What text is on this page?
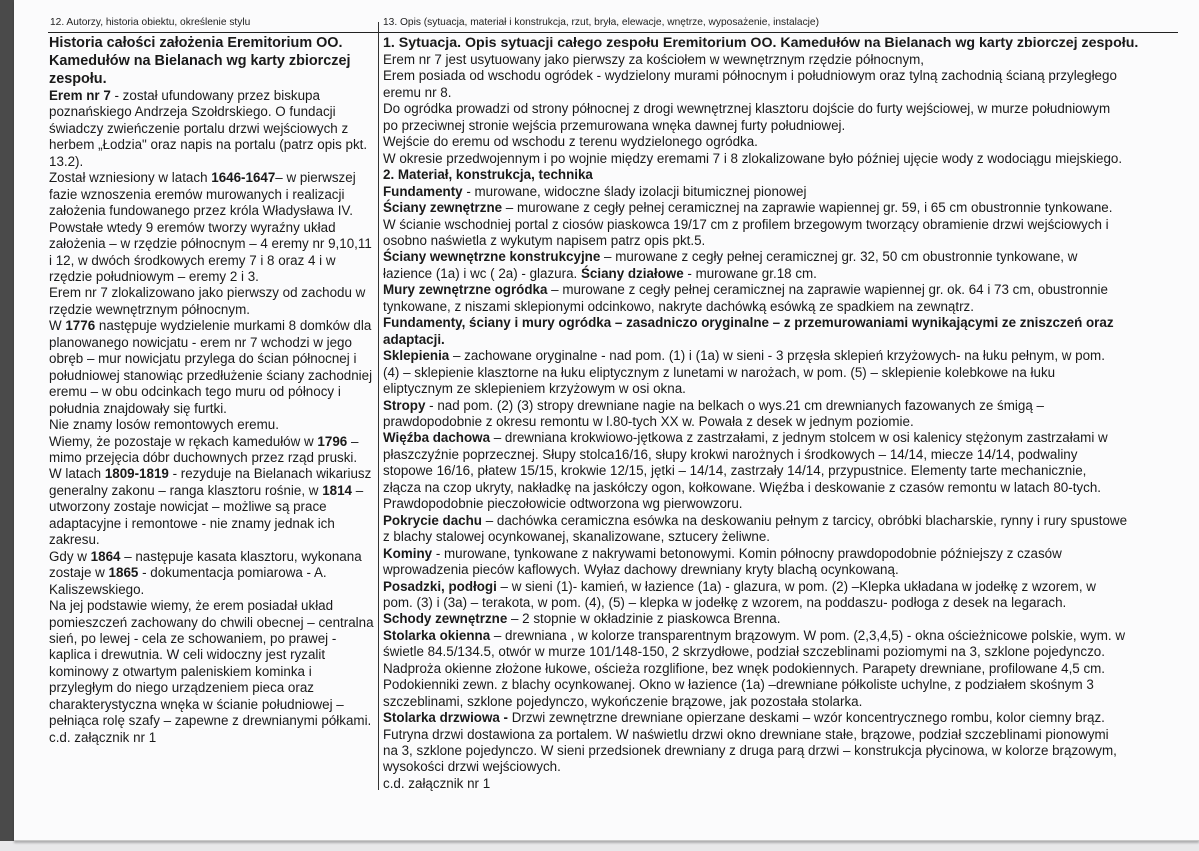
12. Autorzy, historia obiektu, określenie stylu	13. Opis (sytuacja, materiał i konstrukcja, rzut, bryła, elewacje, wnętrze, wyposażenie, instalacje)
Historia całości założenia Eremitorium OO.
Kamedułów na Bielanach wg karty zbiorczej
zespołu.
Erem nr 7 - został ufundowany przez biskupa poznańskiego Andrzeja Szołdrskiego. O fundacji świadczy zwieńczenie portalu drzwi wejściowych z herbem „Łodzia" oraz napis na portalu (patrz opis pkt. 13.2).
Został wzniesiony w latach 1646-1647– w pierwszej fazie wznoszenia eremów murowanych i realizacji założenia fundowanego przez króla Władysława IV.
Powstałe wtedy 9 eremów tworzy wyraźny układ założenia – w rzędzie północnym – 4 eremy nr 9,10,11 i 12, w dwóch środkowych eremy 7 i 8 oraz 4 i w rzędzie południowym – eremy 2 i 3.
Erem nr 7 zlokalizowano jako pierwszy od zachodu w rzędzie wewnętrznym północnym.
W 1776 następuje wydzielenie murkami 8 domków dla planowanego nowicjatu - erem nr 7 wchodzi w jego obręb – mur nowicjatu przylega do ścian północnej i południowej stanowiąc przedłużenie ściany zachodniej eremu – w obu odcinkach tego muru od północy i południa znajdowały się furtki.
Nie znamy losów remontowych eremu.
Wiemy, że pozostaje w rękach kamedułów w 1796 –mimo przejęcia dóbr duchownych przez rząd pruski.
W latach 1809-1819 - rezyduje na Bielanach wikariusz generalny zakonu – ranga klasztoru rośnie, w 1814 – utworzony zostaje nowicjat – możliwe są prace adaptacyjne i remontowe - nie znamy jednak ich zakresu.
Gdy w 1864 – następuje kasata klasztoru, wykonana zostaje w 1865 - dokumentacja pomiarowa - A. Kaliszewskiego.
Na jej podstawie wiemy, że erem posiadał układ pomieszczeń zachowany do chwili obecnej – centralna sień, po lewej - cela ze schowaniem, po prawej - kaplica i drewutnia. W celi widoczny jest ryzalit kominowy z otwartym paleniskiem kominka i przyległym do niego urządzeniem pieca oraz charakterystyczna wnęka w ścianie południowej – pełniąca rolę szafy – zapewne z drewnianymi półkami.
c.d. załącznik nr 1
1. Sytuacja. Opis sytuacji całego zespołu Eremitorium OO. Kamedułów na Bielanach wg karty zbiorczej zespołu.
Erem nr 7 jest usytuowany jako pierwszy za kościołem w wewnętrznym rzędzie północnym,
Erem posiada od wschodu ogródek - wydzielony murami północnym i południowym oraz tylną zachodnią ścianą przyległego
eremu nr 8.
Do ogródka prowadzi od strony północnej z drogi wewnętrznej klasztoru dojście do furty wejściowej, w murze południowym
po przeciwnej stronie wejścia przemurowana wnęka dawnej furty południowej.
Wejście do eremu od wschodu z terenu wydzielonego ogródka.
W okresie przedwojennym i po wojnie między eremami 7 i 8 zlokalizowane było później ujęcie wody z wodociągu miejskiego.
2. Materiał, konstrukcja, technika
Fundamenty - murowane, widoczne ślady izolacji bitumicznej pionowej
Ściany zewnętrzne – murowane z cegły pełnej ceramicznej na zaprawie wapiennej gr. 59, i 65 cm obustronnie tynkowane.
W ścianie wschodniej portal z ciosów piaskowca 19/17 cm z profilem brzegowym tworzący obramienie drzwi wejściowych i
osobno naświetla z wykutym napisem patrz opis pkt.5.
Ściany wewnętrzne konstrukcyjne – murowane z cegły pełnej ceramicznej gr. 32, 50 cm obustronnie tynkowane, w
łazience (1a) i wc ( 2a) - glazura. Ściany działowe - murowane gr.18 cm.
Mury zewnętrzne ogródka – murowane z cegły pełnej ceramicznej na zaprawie wapiennej gr. ok. 64 i 73 cm, obustronnie
tynkowane, z niszami sklepionymi odcinkowo, nakryte dachówką esówką ze spadkiem na zewnątrz.
Fundamenty, ściany i mury ogródka – zasadniczo oryginalne – z przemurowaniami wynikającymi ze zniszczeń oraz
adaptacji.
Sklepienia – zachowane oryginalne - nad pom. (1) i (1a) w sieni - 3 przęsła sklepień krzyżowych- na łuku pełnym, w pom.
(4) – sklepienie klasztorne na łuku eliptycznym z lunetami w narożach, w pom. (5) – sklepienie kolebkowe na łuku
eliptycznym ze sklepieniem krzyżowym w osi okna.
Stropy - nad pom. (2) (3) stropy drewniane nagie na belkach o wys.21 cm drewnianych fazowanych ze śmigą –
prawdopodobnie z okresu remontu w l.80-tych XX w. Powała z desek w jednym poziomie.
Więźba dachowa – drewniana krokwiowo-jętkowa z zastrzałami, z jednym stolcem w osi kalenicy stężonym zastrzałami w
płaszczyźnie poprzecznej. Słupy stolca16/16, słupy krokwi narożnych i środkowych – 14/14, miecze 14/14, podwaliny
stopowe 16/16, płatew 15/15, krokwie 12/15, jętki – 14/14, zastrzały 14/14, przypustnice. Elementy tarte mechanicznie,
złącza na czop ukryty, nakładkę na jaskółczy ogon, kołkowane. Więźba i deskowanie z czasów remontu w latach 80-tych.
Prawdopodobnie pieczołowicie odtworzona wg pierwowzoru.
Pokrycie dachu – dachówka ceramiczna esówka na deskowaniu pełnym z tarcicy, obróbki blacharskie, rynny i rury spustowe
z blachy stalowej ocynkowanej, skanalizowane, sztucery żeliwne.
Kominy - murowane, tynkowane z nakrywami betonowymi. Komin północny prawdopodobnie późniejszy z czasów
wprowadzenia pieców kaflowych. Wyłaz dachowy drewniany kryty blachą ocynkowaną.
Posadzki, podłogi – w sieni (1)- kamień, w łazience (1a) - glazura, w pom. (2) –Klepka układana w jodełkę z wzorem, w
pom. (3) i (3a) – terakota, w pom. (4), (5) – klepka w jodełkę z wzorem, na poddaszu- podłoga z desek na legarach.
Schody zewnętrzne – 2 stopnie w okładzinie z piaskowca Brenna.
Stolarka okienna – drewniana , w kolorze transparentnym brązowym. W pom. (2,3,4,5) - okna ościeżnicowe polskie, wym. w
świetle 84.5/134.5, otwór w murze 101/148-150, 2 skrzydłowe, podział szczeblinami poziomymi na 3, szklone pojedynczo.
Nadproża okienne złożone łukowe, ościeża rozglifione, bez wnęk podokiennych. Parapety drewniane, profilowane 4,5 cm.
Podokienniki zewn. z blachy ocynkowanej. Okno w łazience (1a) –drewniane półkoliste uchylne, z podziałem skośnym 3
szczeblinami, szklone pojedynczo, wykończenie brązowe, jak pozostała stolarka.
Stolarka drzwiowa - Drzwi zewnętrzne drewniane opierzane deskami – wzór koncentrycznego rombu, kolor ciemny brąz.
Futryna drzwi dostawiona za portalem. W naświetlu drzwi okno drewniane stałe, brązowe, podział szczeblinami pionowymi
na 3, szklone pojedynczo. W sieni przedsionek drewniany z druga parą drzwi – konstrukcja płycinowa, w kolorze brązowym,
wysokości drzwi wejściowych.
c.d. załącznik nr 1
